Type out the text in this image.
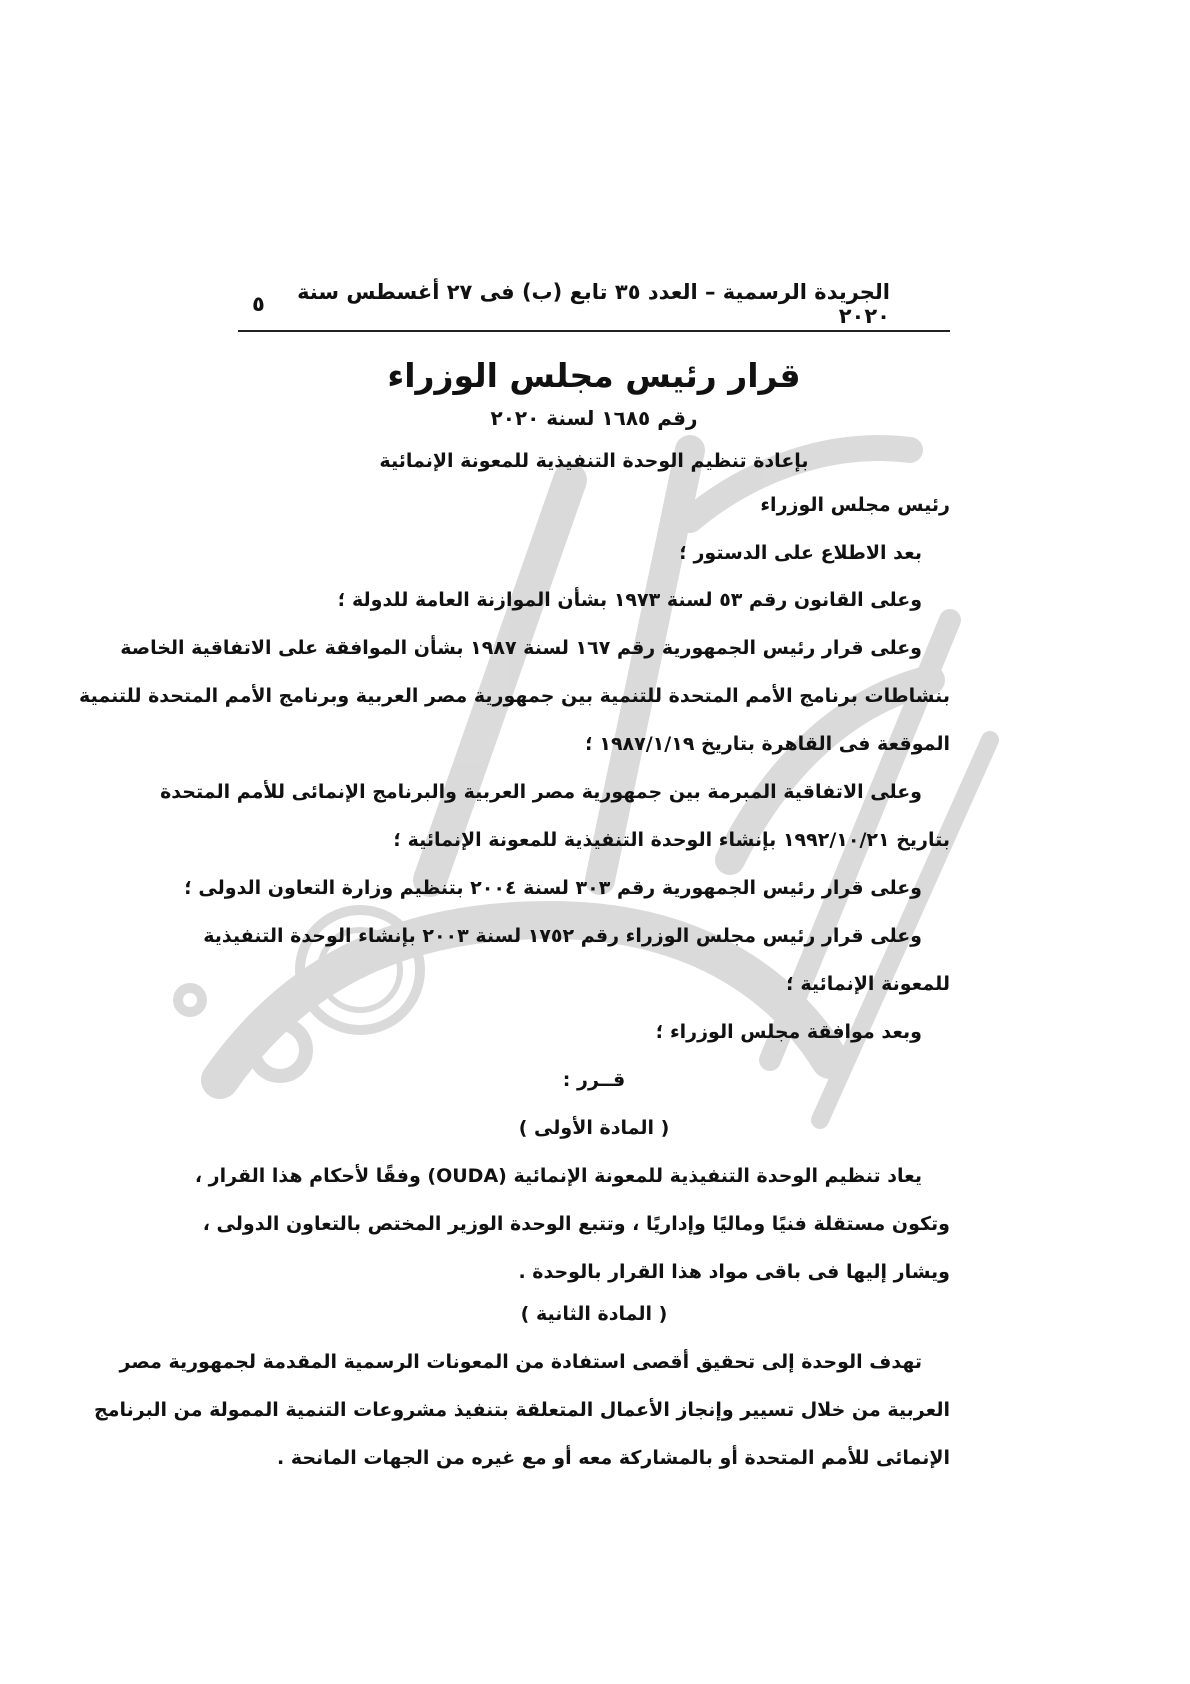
الجريدة الرسمية – العدد ٣٥ تابع (ب) فى ٢٧ أغسطس سنة ٢٠٢٠
٥
قرار رئيس مجلس الوزراء
رقم ١٦٨٥ لسنة ٢٠٢٠
بإعادة تنظيم الوحدة التنفيذية للمعونة الإنمائية
رئيس مجلس الوزراء
بعد الاطلاع على الدستور ؛
وعلى القانون رقم ٥٣ لسنة ١٩٧٣ بشأن الموازنة العامة للدولة ؛
وعلى قرار رئيس الجمهورية رقم ١٦٧ لسنة ١٩٨٧ بشأن الموافقة على الاتفاقية الخاصة
بنشاطات برنامج الأمم المتحدة للتنمية بين جمهورية مصر العربية وبرنامج الأمم المتحدة للتنمية
الموقعة فى القاهرة بتاريخ ١٩٨٧/١/١٩ ؛
وعلى الاتفاقية المبرمة بين جمهورية مصر العربية والبرنامج الإنمائى للأمم المتحدة
بتاريخ ١٩٩٢/١٠/٢١ بإنشاء الوحدة التنفيذية للمعونة الإنمائية ؛
وعلى قرار رئيس الجمهورية رقم ٣٠٣ لسنة ٢٠٠٤ بتنظيم وزارة التعاون الدولى ؛
وعلى قرار رئيس مجلس الوزراء رقم ١٧٥٢ لسنة ٢٠٠٣ بإنشاء الوحدة التنفيذية
للمعونة الإنمائية ؛
وبعد موافقة مجلس الوزراء ؛
قــرر :
( المادة الأولى )
يعاد تنظيم الوحدة التنفيذية للمعونة الإنمائية (OUDA) وفقًا لأحكام هذا القرار ،
وتكون مستقلة فنيًا وماليًا وإداريًا ، وتتبع الوحدة الوزير المختص بالتعاون الدولى ،
ويشار إليها فى باقى مواد هذا القرار بالوحدة .
( المادة الثانية )
تهدف الوحدة إلى تحقيق أقصى استفادة من المعونات الرسمية المقدمة لجمهورية مصر
العربية من خلال تسيير وإنجاز الأعمال المتعلقة بتنفيذ مشروعات التنمية الممولة من البرنامج
الإنمائى للأمم المتحدة أو بالمشاركة معه أو مع غيره من الجهات المانحة .
